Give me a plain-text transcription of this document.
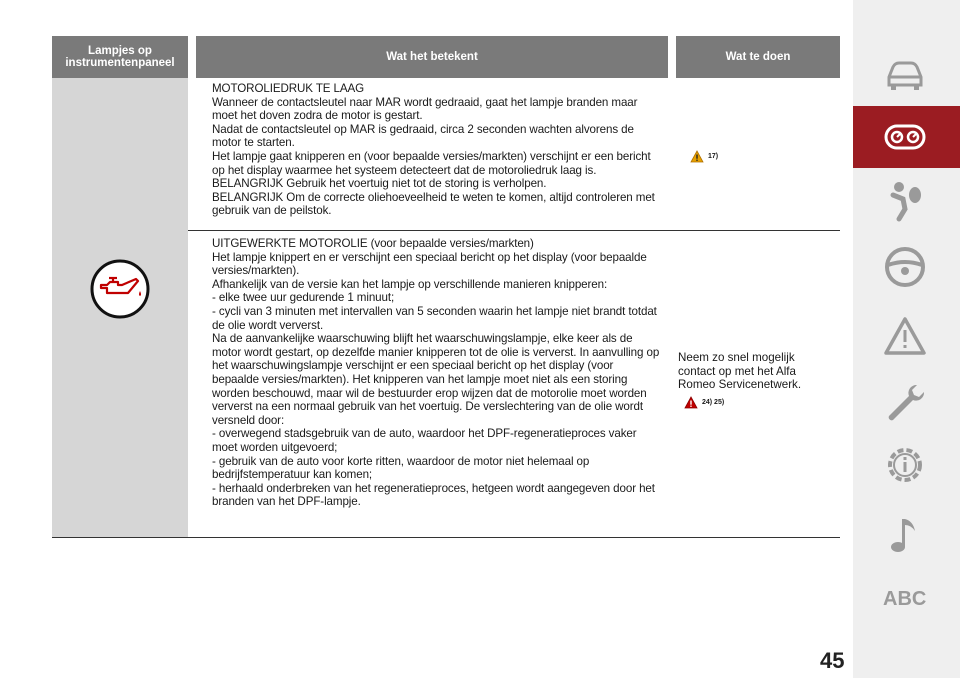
Lampjes op
instrumentenpaneel	Wat het betekent	Wat te doen

MOTOROLIEDRUK TE LAAG
Wanneer de contactsleutel naar MAR wordt gedraaid, gaat het lampje branden maar moet het doven zodra de motor is gestart.
Nadat de contactsleutel op MAR is gedraaid, circa 2 seconden wachten alvorens de motor te starten.
Het lampje gaat knipperen en (voor bepaalde versies/markten) verschijnt er een bericht op het display waarmee het systeem detecteert dat de motoroliedruk laag is.
BELANGRIJK Gebruik het voertuig niet tot de storing is verholpen.
BELANGRIJK Om de correcte oliehoeveelheid te weten te komen, altijd controleren met gebruik van de peilstok.

17)

UITGEWERKTE MOTOROLIE (voor bepaalde versies/markten)
Het lampje knippert en er verschijnt een speciaal bericht op het display (voor bepaalde versies/markten).
Afhankelijk van de versie kan het lampje op verschillende manieren knipperen:
- elke twee uur gedurende 1 minuut;
- cycli van 3 minuten met intervallen van 5 seconden waarin het lampje niet brandt totdat de olie wordt ververst.
Na de aanvankelijke waarschuwing blijft het waarschuwingslampje, elke keer als de motor wordt gestart, op dezelfde manier knipperen tot de olie is ververst. In aanvulling op het waarschuwingslampje verschijnt er een speciaal bericht op het display (voor bepaalde versies/markten). Het knipperen van het lampje moet niet als een storing worden beschouwd, maar wil de bestuurder erop wijzen dat de motorolie moet worden ververst na een normaal gebruik van het voertuig. De verslechtering van de olie wordt versneld door:
- overwegend stadsgebruik van de auto, waardoor het DPF-regeneratieproces vaker moet worden uitgevoerd;
- gebruik van de auto voor korte ritten, waardoor de motor niet helemaal op bedrijfstemperatuur kan komen;
- herhaald onderbreken van het regeneratieproces, hetgeen wordt aangegeven door het branden van het DPF-lampje.

Neem zo snel mogelijk contact op met het Alfa Romeo Servicenetwerk.

24) 25)
ABC
45
